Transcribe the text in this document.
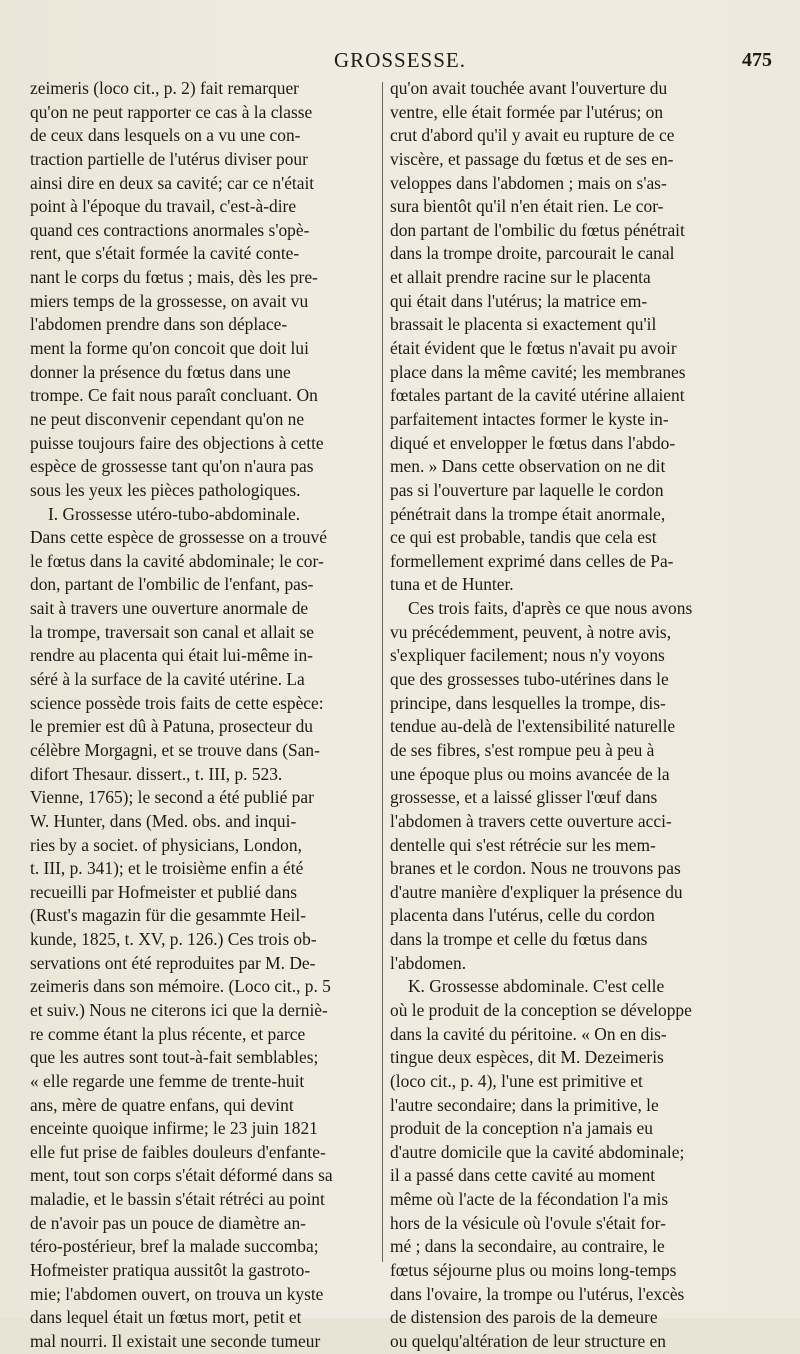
GROSSESSE.	475
zeimeris (loco cit., p. 2) fait remarquer
qu'on ne peut rapporter ce cas à la classe
de ceux dans lesquels on a vu une con-
traction partielle de l'utérus diviser pour
ainsi dire en deux sa cavité; car ce n'était
point à l'époque du travail, c'est-à-dire
quand ces contractions anormales s'opè-
rent, que s'était formée la cavité conte-
nant le corps du fœtus ; mais, dès les pre-
miers temps de la grossesse, on avait vu
l'abdomen prendre dans son déplace-
ment la forme qu'on concoit que doit lui
donner la présence du fœtus dans une
trompe. Ce fait nous paraît concluant. On
ne peut disconvenir cependant qu'on ne
puisse toujours faire des objections à cette
espèce de grossesse tant qu'on n'aura pas
sous les yeux les pièces pathologiques.
I. Grossesse utéro-tubo-abdominale.
Dans cette espèce de grossesse on a trouvé
le fœtus dans la cavité abdominale; le cor-
don, partant de l'ombilic de l'enfant, pas-
sait à travers une ouverture anormale de
la trompe, traversait son canal et allait se
rendre au placenta qui était lui-même in-
séré à la surface de la cavité utérine. La
science possède trois faits de cette espèce:
le premier est dû à Patuna, prosecteur du
célèbre Morgagni, et se trouve dans (San-
difort Thesaur. dissert., t. III, p. 523.
Vienne, 1765); le second a été publié par
W. Hunter, dans (Med. obs. and inqui-
ries by a societ. of physicians, London,
t. III, p. 341); et le troisième enfin a été
recueilli par Hofmeister et publié dans
(Rust's magazin für die gesammte Heil-
kunde, 1825, t. XV, p. 126.) Ces trois ob-
servations ont été reproduites par M. De-
zeimeris dans son mémoire. (Loco cit., p. 5
et suiv.) Nous ne citerons ici que la derniè-
re comme étant la plus récente, et parce
que les autres sont tout-à-fait semblables;
« elle regarde une femme de trente-huit
ans, mère de quatre enfans, qui devint
enceinte quoique infirme; le 23 juin 1821
elle fut prise de faibles douleurs d'enfante-
ment, tout son corps s'était déformé dans sa
maladie, et le bassin s'était rétréci au point
de n'avoir pas un pouce de diamètre an-
téro-postérieur, bref la malade succomba;
Hofmeister pratiqua aussitôt la gastroto-
mie; l'abdomen ouvert, on trouva un kyste
dans lequel était un fœtus mort, petit et
mal nourri. Il existait une seconde tumeur
qu'on avait touchée avant l'ouverture du
ventre, elle était formée par l'utérus; on
crut d'abord qu'il y avait eu rupture de ce
viscère, et passage du fœtus et de ses en-
veloppes dans l'abdomen ; mais on s'as-
sura bientôt qu'il n'en était rien. Le cor-
don partant de l'ombilic du fœtus pénétrait
dans la trompe droite, parcourait le canal
et allait prendre racine sur le placenta
qui était dans l'utérus; la matrice em-
brassait le placenta si exactement qu'il
était évident que le fœtus n'avait pu avoir
place dans la même cavité; les membranes
fœtales partant de la cavité utérine allaient
parfaitement intactes former le kyste in-
diqué et envelopper le fœtus dans l'abdo-
men. » Dans cette observation on ne dit
pas si l'ouverture par laquelle le cordon
pénétrait dans la trompe était anormale,
ce qui est probable, tandis que cela est
formellement exprimé dans celles de Pa-
tuna et de Hunter.
Ces trois faits, d'après ce que nous avons
vu précédemment, peuvent, à notre avis,
s'expliquer facilement; nous n'y voyons
que des grossesses tubo-utérines dans le
principe, dans lesquelles la trompe, dis-
tendue au-delà de l'extensibilité naturelle
de ses fibres, s'est rompue peu à peu à
une époque plus ou moins avancée de la
grossesse, et a laissé glisser l'œuf dans
l'abdomen à travers cette ouverture acci-
dentelle qui s'est rétrécie sur les mem-
branes et le cordon. Nous ne trouvons pas
d'autre manière d'expliquer la présence du
placenta dans l'utérus, celle du cordon
dans la trompe et celle du fœtus dans
l'abdomen.
K. Grossesse abdominale. C'est celle
où le produit de la conception se développe
dans la cavité du péritoine. « On en dis-
tingue deux espèces, dit M. Dezeimeris
(loco cit., p. 4), l'une est primitive et
l'autre secondaire; dans la primitive, le
produit de la conception n'a jamais eu
d'autre domicile que la cavité abdominale;
il a passé dans cette cavité au moment
même où l'acte de la fécondation l'a mis
hors de la vésicule où l'ovule s'était for-
mé ; dans la secondaire, au contraire, le
fœtus séjourne plus ou moins long-temps
dans l'ovaire, la trompe ou l'utérus, l'excès
de distension des parois de la demeure
ou quelqu'altération de leur structure en
